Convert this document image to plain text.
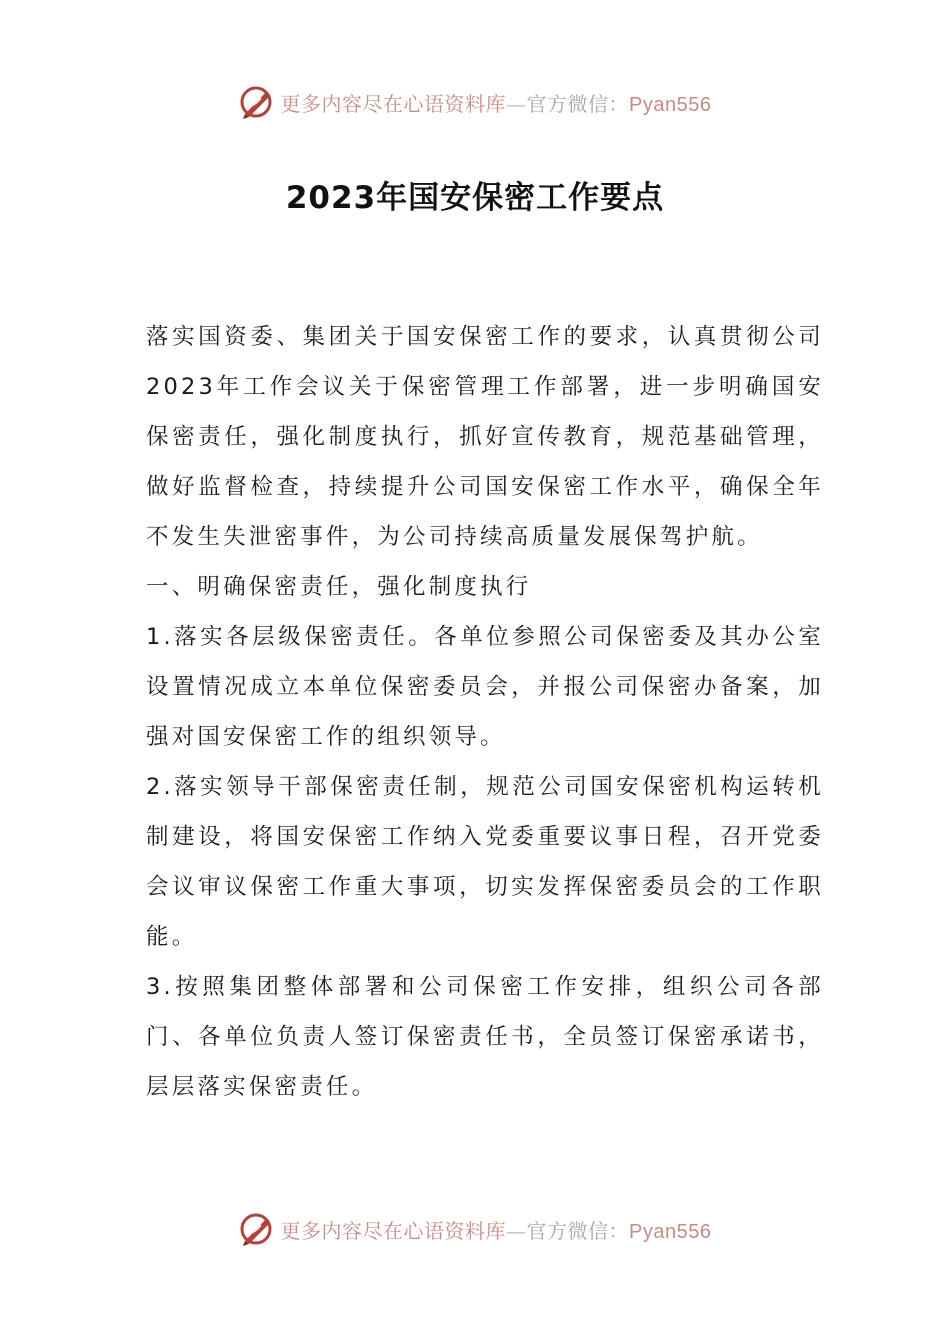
更多内容尽在心语资料库—官方微信：Pyan556
2023年国安保密工作要点

落实国资委、集团关于国安保密工作的要求，认真贯彻公司2023年工作会议关于保密管理工作部署，进一步明确国安保密责任，强化制度执行，抓好宣传教育，规范基础管理，做好监督检查，持续提升公司国安保密工作水平，确保全年不发生失泄密事件，为公司持续高质量发展保驾护航。

一、明确保密责任，强化制度执行

1.落实各层级保密责任。各单位参照公司保密委及其办公室设置情况成立本单位保密委员会，并报公司保密办备案，加强对国安保密工作的组织领导。

2.落实领导干部保密责任制，规范公司国安保密机构运转机制建设，将国安保密工作纳入党委重要议事日程，召开党委会议审议保密工作重大事项，切实发挥保密委员会的工作职能。

3.按照集团整体部署和公司保密工作安排，组织公司各部门、各单位负责人签订保密责任书，全员签订保密承诺书，层层落实保密责任。

更多内容尽在心语资料库—官方微信：Pyan556
